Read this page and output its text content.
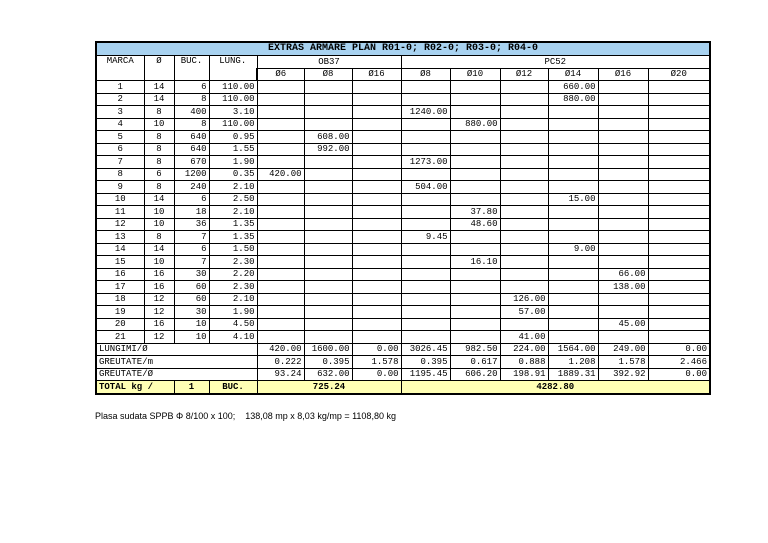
EXTRAS ARMARE PLAN R01-0; R02-0; R03-0; R04-0												
MARCA	Ø	BUC.	LUNG.	OB37			PC52					
				Ø6	Ø8	Ø16	Ø8	Ø10	Ø12	Ø14	Ø16	Ø20
1	14	6	110.00							660.00		
2	14	8	110.00							880.00		
3	8	400	3.10				1240.00					
4	10	8	110.00					880.00				
5	8	640	0.95		608.00							
6	8	640	1.55		992.00							
7	8	670	1.90				1273.00					
8	6	1200	0.35	420.00								
9	8	240	2.10				504.00					
10	14	6	2.50							15.00		
11	10	18	2.10					37.80				
12	10	36	1.35					48.60				
13	8	7	1.35				9.45					
14	14	6	1.50							9.00		
15	10	7	2.30					16.10				
16	16	30	2.20								66.00	
17	16	60	2.30								138.00	
18	12	60	2.10						126.00			
19	12	30	1.90						57.00			
20	16	10	4.50								45.00	
21	12	10	4.10						41.00			
LUNGIMI/Ø				420.00	1600.00	0.00	3026.45	982.50	224.00	1564.00	249.00	0.00
GREUTATE/m				0.222	0.395	1.578	0.395	0.617	0.888	1.208	1.578	2.466
GREUTATE/Ø				93.24	632.00	0.00	1195.45	606.20	198.91	1889.31	392.92	0.00
TOTAL kg /		1	BUC.	725.24			4282.80					
Plasa sudata SPPB Φ 8/100 x 100;    138,08 mp x 8,03 kg/mp = 1108,80 kg
